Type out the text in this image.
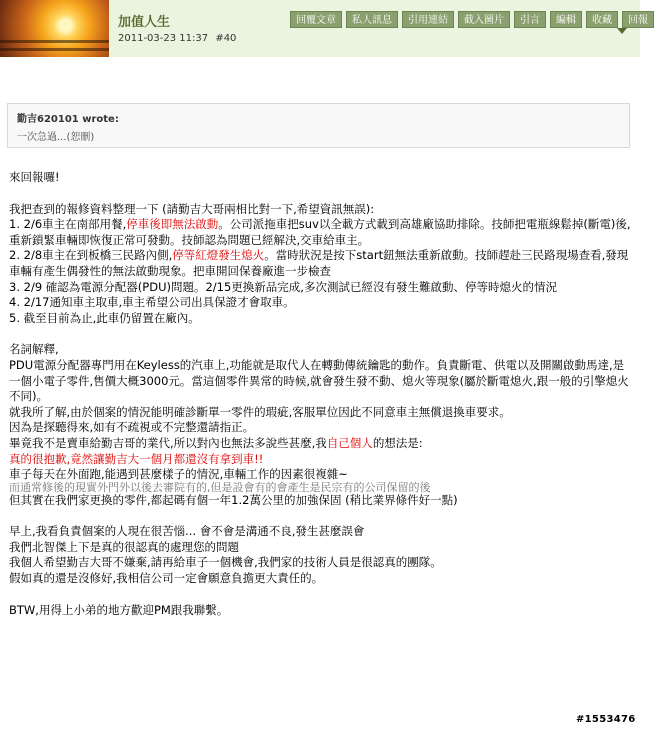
加值人生
2011-03-23 11:37 #40
回覆文章	私人訊息	引用連結	截入圖片	引言	編輯	收藏	回報
勤吉620101 wrote:
一次急過...(恕刪)

來回報囉!

我把查到的報修資料整理一下 (請勤吉大哥兩相比對一下,希望資訊無誤):

1. 2/6車主在南部用餐,停車後即無法啟動。公司派拖車把suv以全載方式載到高雄廠協助排除。技師把電瓶線鬆掉(斷電)後,重新鎖緊車輛即恢復正常可發動。技師認為問題已經解決,交車給車主。

2. 2/8車主在到板橋三民路內側,停等紅燈發生熄火。當時狀況是按下start鈕無法重新啟動。技師趕赴三民路現場查看,發現車輛有產生偶發性的無法啟動現象。把車開回保養廠進一步檢查

3. 2/9 確認為電源分配器(PDU)問題。2/15更換新品完成,多次測試已經沒有發生難啟動、停等時熄火的情況

4. 2/17通知車主取車,車主希望公司出具保證才會取車。

5. 截至目前為止,此車仍留置在廠內。

名詞解釋,

PDU電源分配器專門用在Keyless的汽車上,功能就是取代人在轉動傳統鑰匙的動作。負責斷電、供電以及開關啟動馬達,是一個小電子零件,售價大概3000元。當這個零件異常的時候,就會發生發不動、熄火等現象(屬於斷電熄火,跟一般的引擎熄火不同)。

就我所了解,由於個案的情況能明確診斷單一零件的瑕疵,客服單位因此不同意車主無償退換車要求。

因為是探聽得來,如有不疏視或不完整還請指正。

畢竟我不是賣車給勤吉哥的業代,所以對內也無法多說些甚麼,我自己個人的想法是:

真的很抱歉,竟然讓勤吉大一個月都還沒有拿到車!!

車子每天在外面跑,能遇到甚麼樣子的情況,車輛工作的因素很複雜~

而通常修後的現實外門外以後去審院有的,但是設會有的會產生是民宗有的公司保留的後

但其實在我們家更換的零件,都起碼有個一年1.2萬公里的加強保固 (稍比業界條件好一點)

早上,我看負責個案的人現在很苦惱... 會不會是溝通不良,發生甚麼誤會

我們北智傑上下是真的很認真的處理您的問題

我個人希望勤吉大哥不嫌棄,請再給車子一個機會,我們家的技術人員是很認真的團隊。

假如真的還是沒修好,我相信公司一定會願意負擔更大責任的。

BTW,用得上小弟的地方歡迎PM跟我聯繫。

#1553476
